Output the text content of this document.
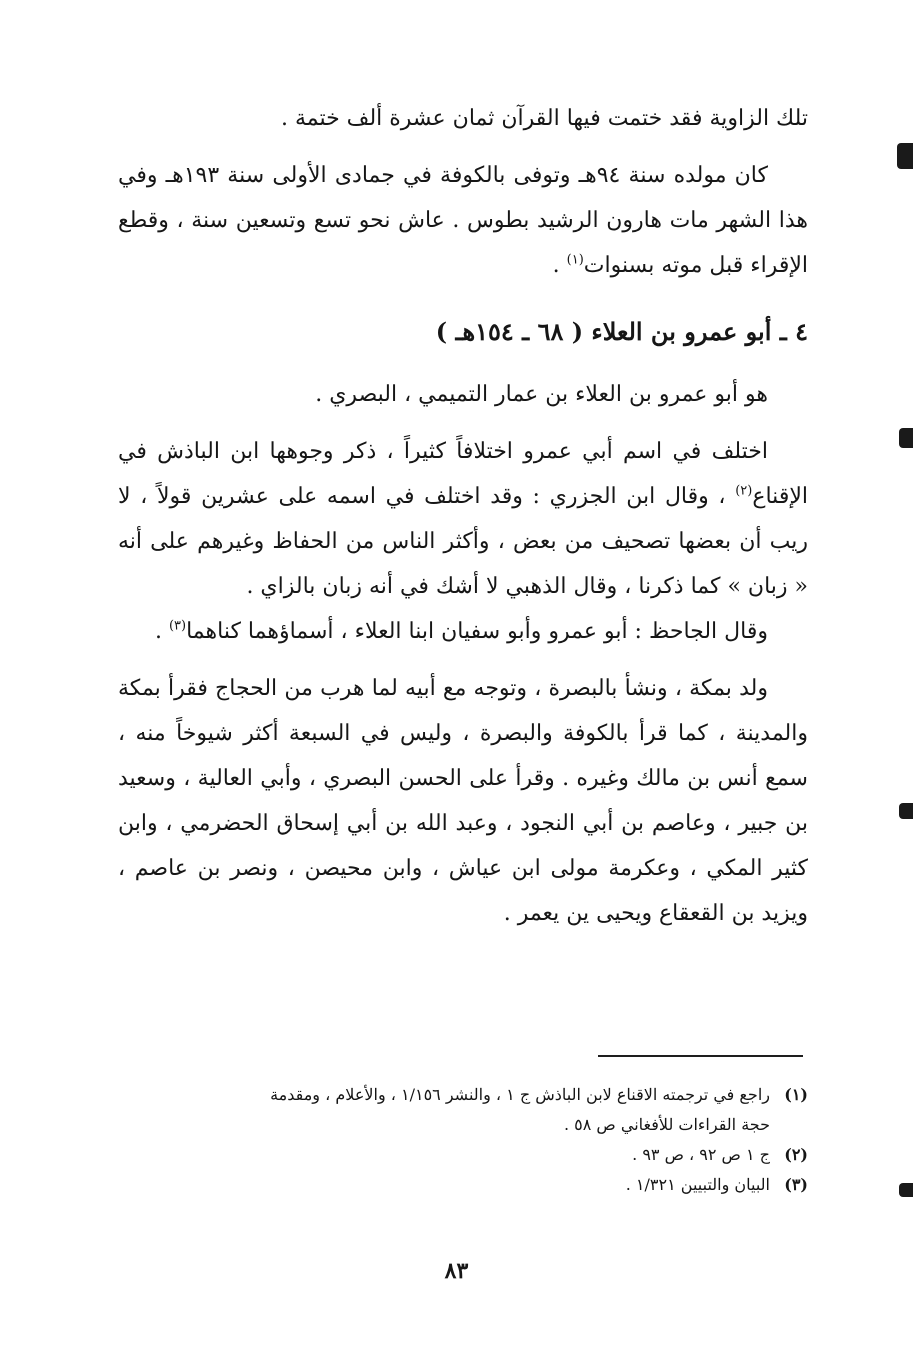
تلك الزاوية فقد ختمت فيها القرآن ثمان عشرة ألف ختمة .

كان مولده سنة ٩٤هـ وتوفى بالكوفة في جمادى الأولى سنة ١٩٣هـ وفي هذا الشهر مات هارون الرشيد بطوس . عاش نحو تسع وتسعين سنة ، وقطع الإقراء قبل موته بسنوات$^{(١)}$ .

٤ ـ أبو عمرو بن العلاء ( ٦٨ ـ ١٥٤هـ )

هو أبو عمرو بن العلاء بن عمار التميمي ، البصري .

اختلف في اسم أبي عمرو اختلافاً كثيراً ، ذكر وجوهها ابن الباذش في الإقناع$^{(٢)}$ ، وقال ابن الجزري : وقد اختلف في اسمه على عشرين قولاً ، لا ريب أن بعضها تصحيف من بعض ، وأكثر الناس من الحفاظ وغيرهم على أنه « زبان » كما ذكرنا ، وقال الذهبي لا أشك في أنه زبان بالزاي .

وقال الجاحظ : أبو عمرو وأبو سفيان ابنا العلاء ، أسماؤهما كناهما$^{(٣)}$ .

ولد بمكة ، ونشأ بالبصرة ، وتوجه مع أبيه لما هرب من الحجاج فقرأ بمكة والمدينة ، كما قرأ بالكوفة والبصرة ، وليس في السبعة أكثر شيوخاً منه ، سمع أنس بن مالك وغيره . وقرأ على الحسن البصري ، وأبي العالية ، وسعيد بن جبير ، وعاصم بن أبي النجود ، وعبد الله بن أبي إسحاق الحضرمي ، وابن كثير المكي ، وعكرمة مولى ابن عياش ، وابن محيصن ، ونصر بن عاصم ، ويزيد بن القعقاع ويحيى ين يعمر .

(١)راجع في ترجمته الاقناع لابن الباذش ج ١ ، والنشر ١/١٥٦ ، والأعلام ، ومقدمة

حجة القراءات للأفغاني ص ٥٨ .

(٢)ج ١ ص ٩٢ ، ص ٩٣ .

(٣)البيان والتبيين ١/٣٢١ .

٨٣
